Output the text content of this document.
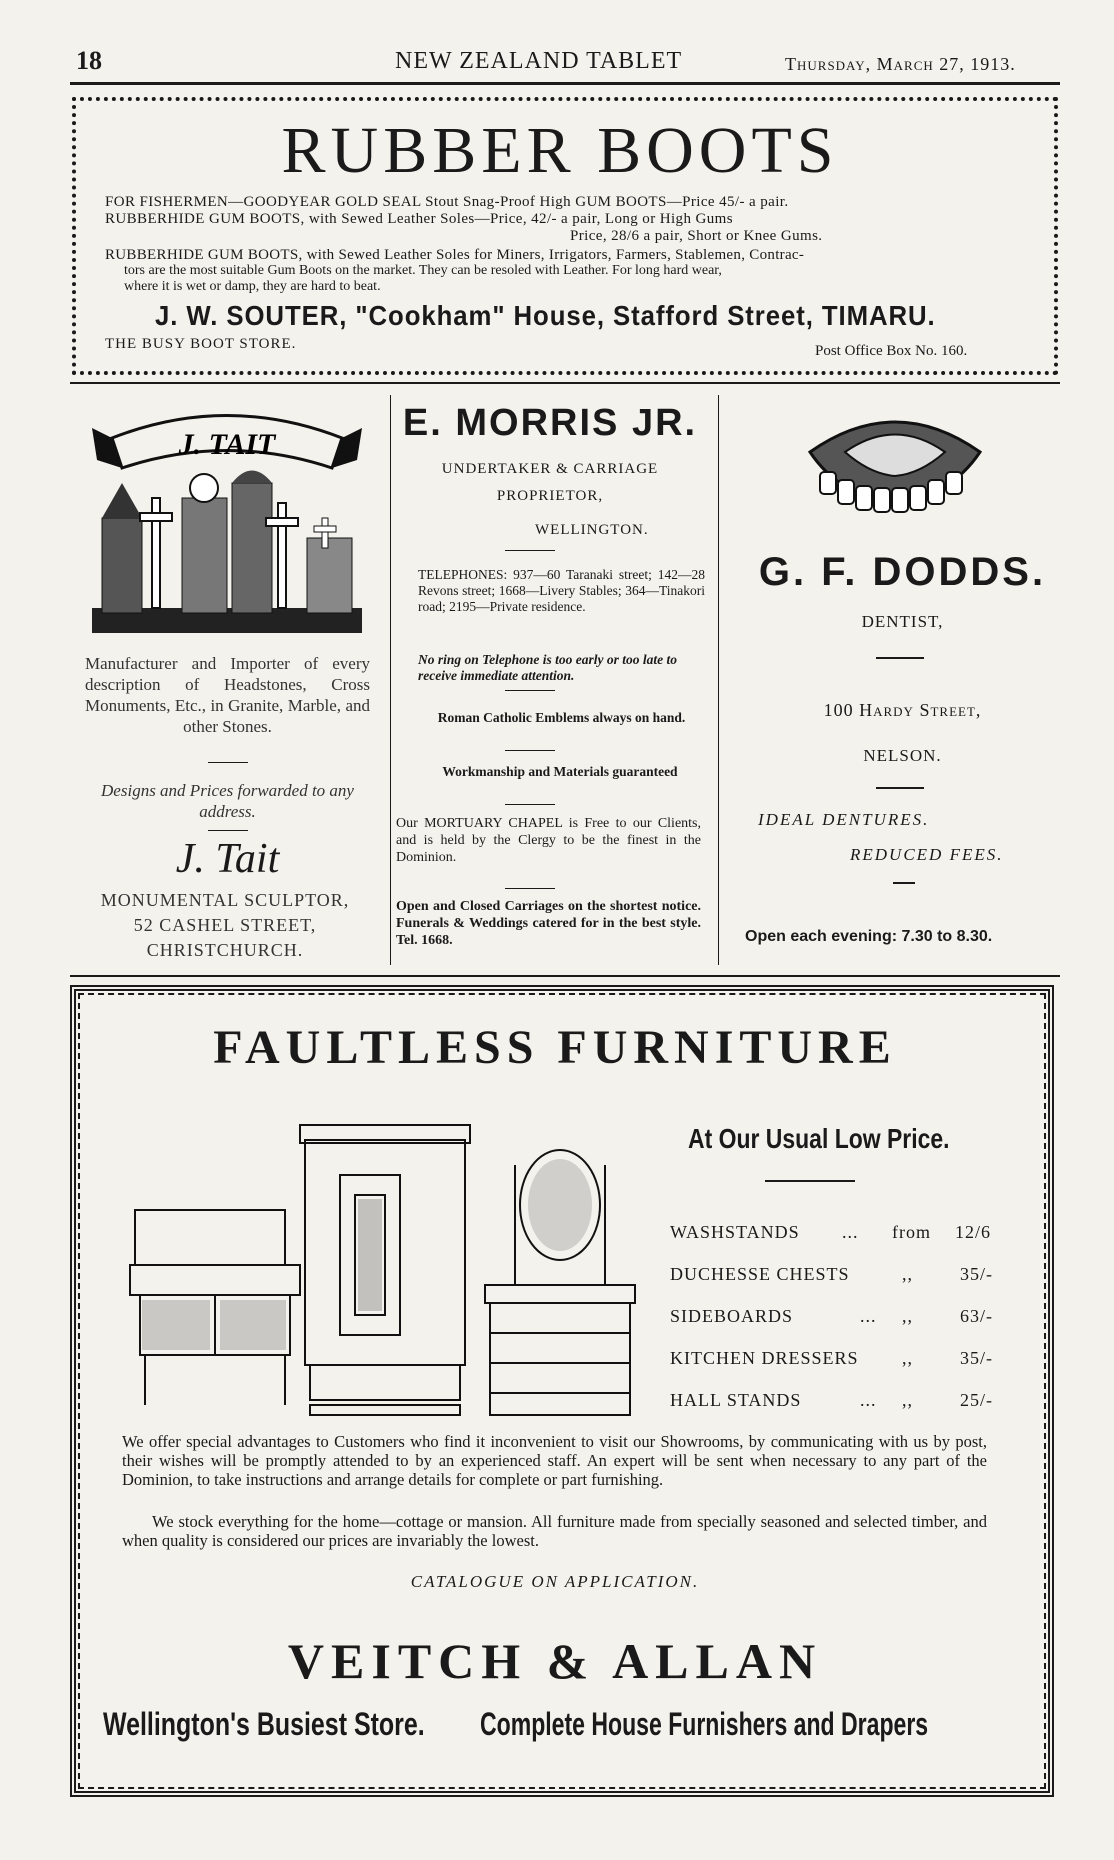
18	NEW ZEALAND TABLET	Thursday, March 27, 1913.
RUBBER BOOTS
FOR FISHERMEN—GOODYEAR GOLD SEAL Stout Snag-Proof High GUM BOOTS—Price 45/- a pair.
RUBBERHIDE GUM BOOTS, with Sewed Leather Soles—Price, 42/- a pair, Long or High Gums
Price, 28/6 a pair, Short or Knee Gums.
RUBBERHIDE GUM BOOTS, with Sewed Leather Soles for Miners, Irrigators, Farmers, Stablemen, Contrac-
tors are the most suitable Gum Boots on the market. They can be resoled with Leather. For long hard wear,
where it is wet or damp, they are hard to beat.
J. W. SOUTER, "Cookham" House, Stafford Street, TIMARU.
THE BUSY BOOT STORE.	Post Office Box No. 160.
J. TAIT
Manufacturer and Importer of every description of Headstones, Cross Monuments, Etc., in Granite, Marble, and other Stones.
Designs and Prices forwarded to any address.
J. Tait
MONUMENTAL SCULPTOR,
52 CASHEL STREET,
CHRISTCHURCH.
E. MORRIS JR.
UNDERTAKER & CARRIAGE
PROPRIETOR,
WELLINGTON.
TELEPHONES: 937—60 Taranaki street; 142—28 Revons street; 1668—Livery Stables; 364—Tinakori road; 2195—Private residence.
No ring on Telephone is too early or too late to receive immediate attention.
Roman Catholic Emblems always on hand.
Workmanship and Materials guaranteed
Our MORTUARY CHAPEL is Free to our Clients, and is held by the Clergy to be the finest in the Dominion.
Open and Closed Carriages on the shortest notice. Funerals & Weddings catered for in the best style. Tel. 1668.
G. F. DODDS.
DENTIST,
100 Hardy Street,
NELSON.
IDEAL DENTURES.
REDUCED FEES.
Open each evening: 7.30 to 8.30.
FAULTLESS FURNITURE
At Our Usual Low Price.
WASHSTANDS ... from 12/6
DUCHESSE CHESTS	,,	35/-
SIDEBOARDS	... ,,	63/-
KITCHEN DRESSERS ,,	35/-
HALL STANDS	... ,,	25/-
We offer special advantages to Customers who find it inconvenient to visit our Showrooms, by communicating with us by post, their wishes will be promptly attended to by an experienced staff. An expert will be sent when necessary to any part of the Dominion, to take instructions and arrange details for complete or part furnishing.
We stock everything for the home—cottage or mansion. All furniture made from specially seasoned and selected timber, and when quality is considered our prices are invariably the lowest.
CATALOGUE ON APPLICATION.
VEITCH & ALLAN
Wellington's Busiest Store. Complete House Furnishers and Drapers
